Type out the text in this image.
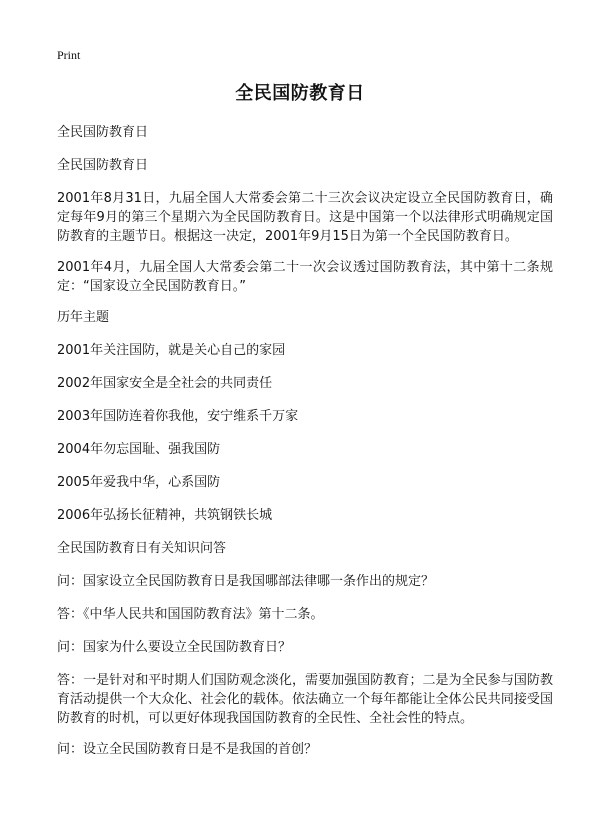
Print
全民国防教育日

全民国防教育日

全民国防教育日

2001年8月31日，九届全国人大常委会第二十三次会议决定设立全民国防教育日，确定每年9月的第三个星期六为全民国防教育日。这是中国第一个以法律形式明确规定国防教育的主题节日。根据这一决定，2001年9月15日为第一个全民国防教育日。

2001年4月，九届全国人大常委会第二十一次会议透过国防教育法，其中第十二条规定：“国家设立全民国防教育日。”

历年主题

2001年关注国防，就是关心自己的家园

2002年国家安全是全社会的共同责任

2003年国防连着你我他，安宁维系千万家

2004年勿忘国耻、强我国防

2005年爱我中华，心系国防

2006年弘扬长征精神，共筑钢铁长城

全民国防教育日有关知识问答

问：国家设立全民国防教育日是我国哪部法律哪一条作出的规定？

答：《中华人民共和国国防教育法》第十二条。

问：国家为什么要设立全民国防教育日？

答：一是针对和平时期人们国防观念淡化，需要加强国防教育；二是为全民参与国防教育活动提供一个大众化、社会化的载体。依法确立一个每年都能让全体公民共同接受国防教育的时机，可以更好体现我国国防教育的全民性、全社会性的特点。

问：设立全民国防教育日是不是我国的首创？
